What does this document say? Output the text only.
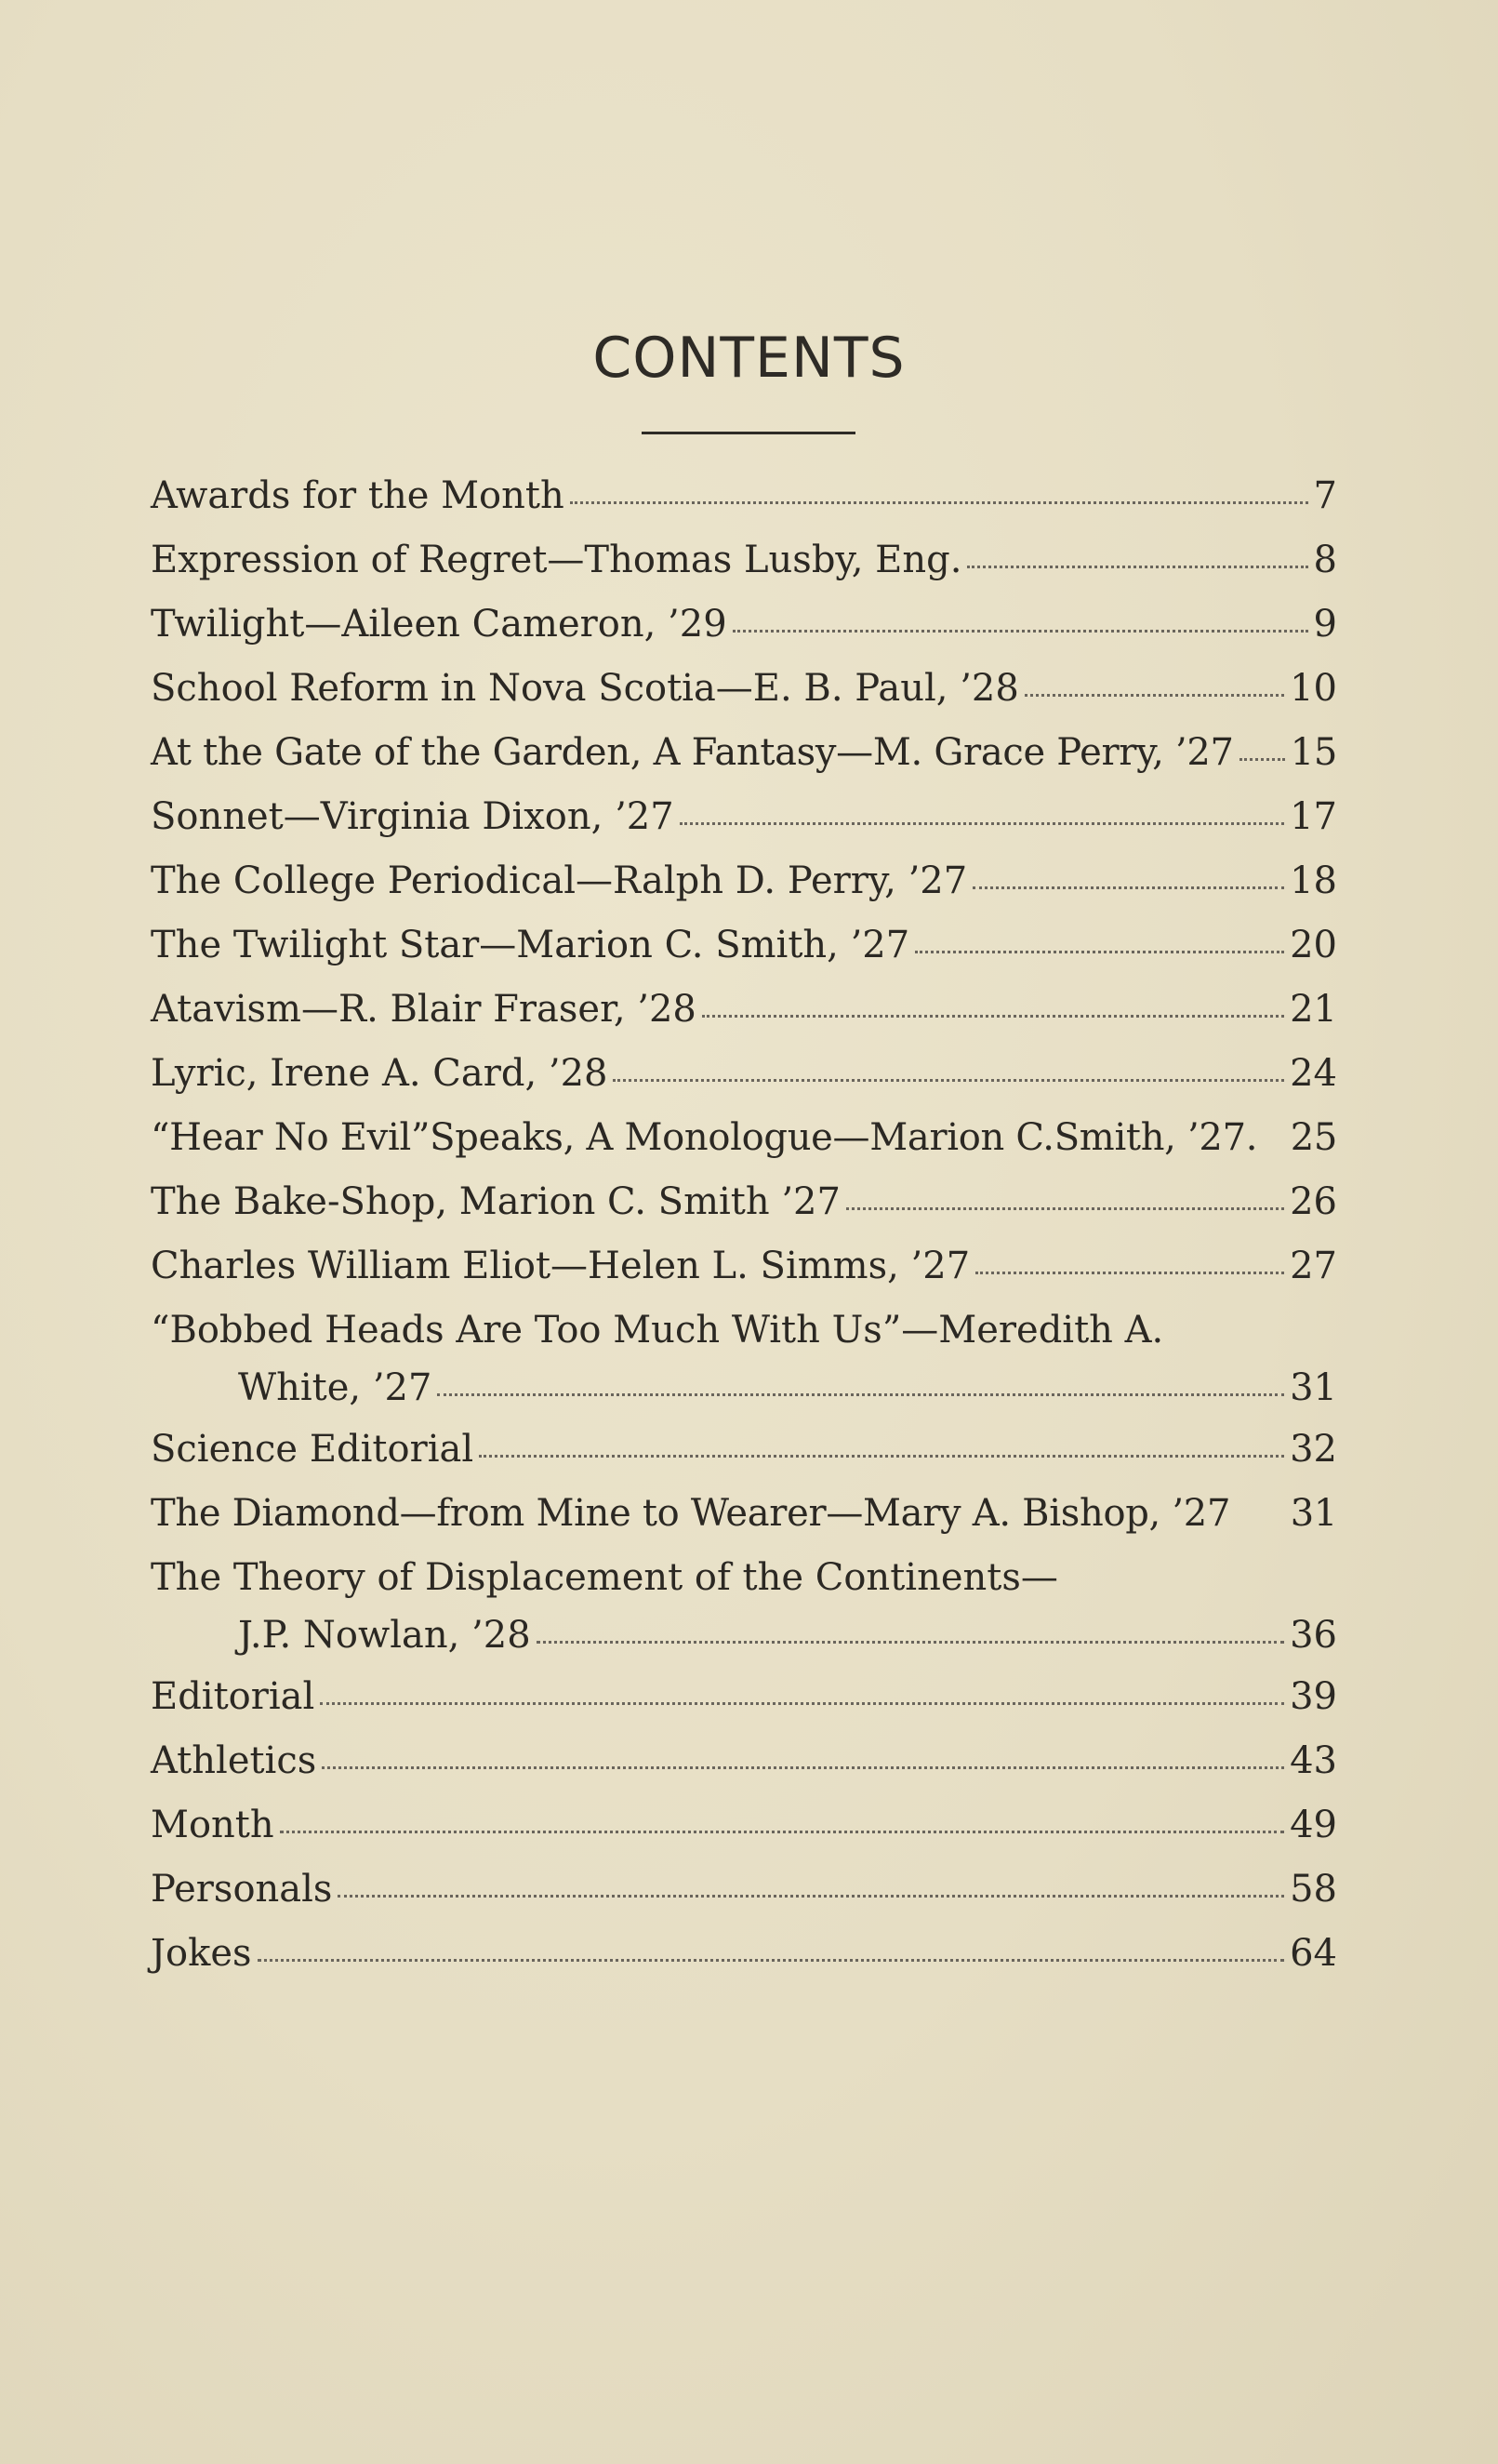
CONTENTS
Awards for the Month	7
Expression of Regret—Thomas Lusby, Eng.	8
Twilight—Aileen Cameron, ’29	9
School Reform in Nova Scotia—E. B. Paul, ’28	10
At the Gate of the Garden, A Fantasy—M. Grace Perry, ’27 15
Sonnet—Virginia Dixon, ’27	17
The College Periodical—Ralph D. Perry, ’27	18
The Twilight Star—Marion C. Smith, ’27	20
Atavism—R. Blair Fraser, ’28	21
Lyric, Irene A. Card, ’28	24
“Hear No Evil”Speaks, A Monologue—Marion C.Smith, ’27. 25
The Bake-Shop, Marion C. Smith ’27	26
Charles William Eliot—Helen L. Simms, ’27	27
“Bobbed Heads Are Too Much With Us”—Meredith A.
White, ’27	31
Science Editorial	32
The Diamond—from Mine to Wearer—Mary A. Bishop, ’27 31
The Theory of Displacement of the Continents—
J.P. Nowlan, ’28	36
Editorial	39
Athletics	43
Month	49
Personals	58
Jokes	64
